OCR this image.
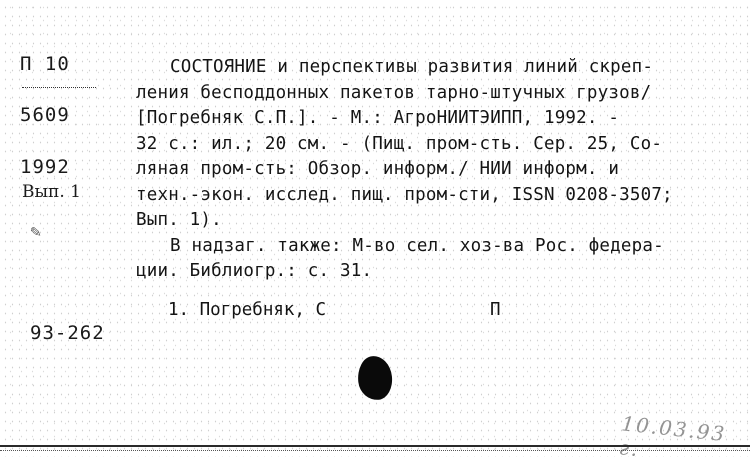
П 10
5609
1992
Вып. 1
✎
93-262
СОСТОЯНИЕ и перспективы развития линий скреп-
ления бесподдонных пакетов тарно-штучных грузов/
[Погребняк С.П.]. - М.: АгроНИИТЭИПП, 1992. -
32 с.: ил.; 20 см. - (Пищ. пром-сть. Сер. 25, Со-
ляная пром-сть: Обзор. информ./ НИИ информ. и
техн.-экон. исслед. пищ. пром-сти, ISSN 0208-3507;
Вып. 1).
В надзаг. также: М-во сел. хоз-ва Рос. федера-
ции. Библиогр.: с. 31.
1. Погребняк, С	П
10.03.93 г.
